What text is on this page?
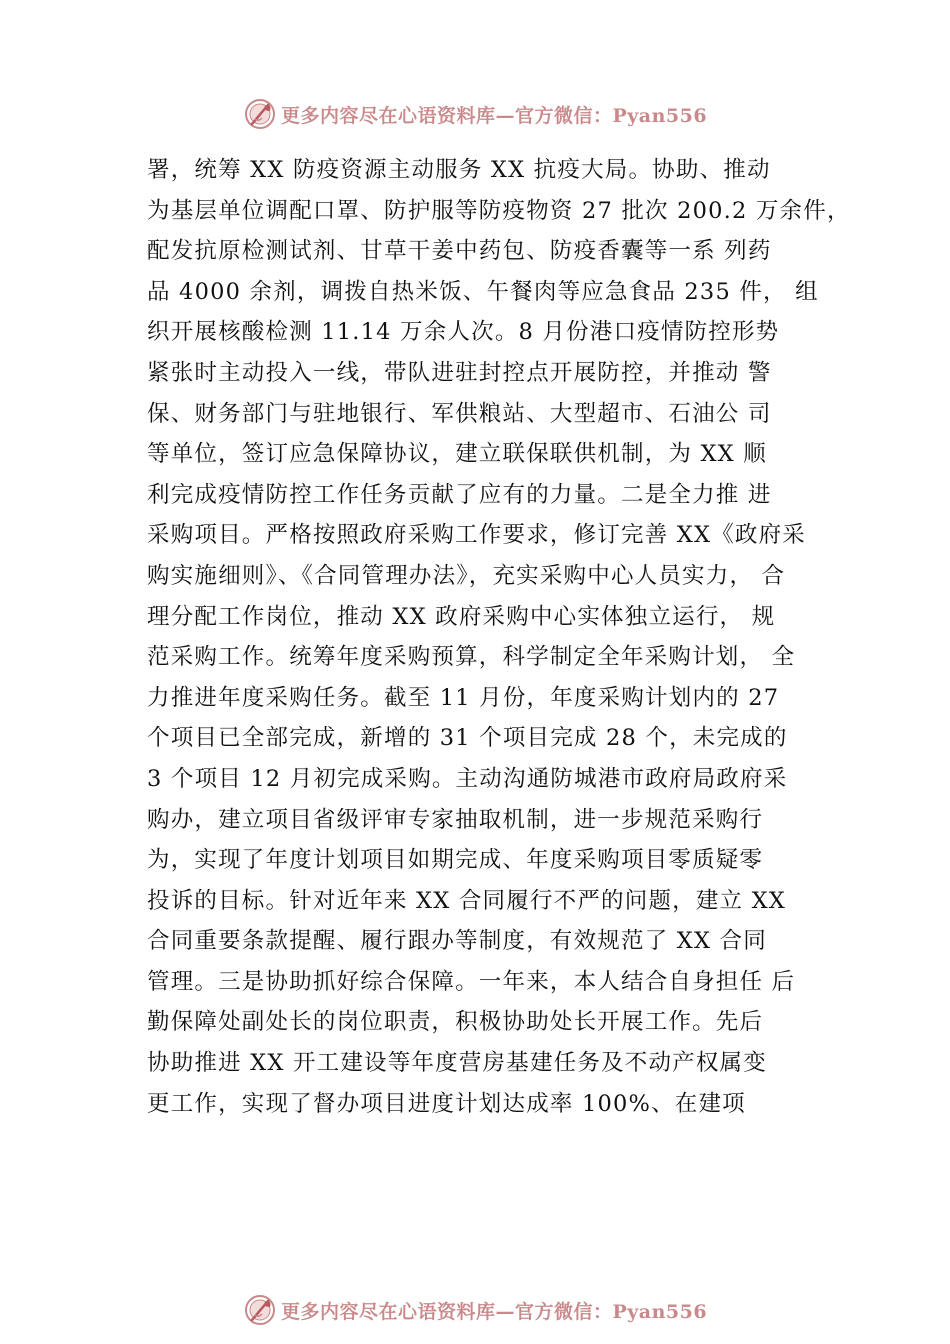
更多内容尽在心语资料库—官方微信：Pyan556
署，统筹 XX 防疫资源主动服务 XX 抗疫大局。协助、推动
为基层单位调配口罩、防护服等防疫物资 27 批次 200.2 万余件，
配发抗原检测试剂、甘草干姜中药包、防疫香囊等一系 列药
品 4000 余剂，调拨自热米饭、午餐肉等应急食品 235 件， 组
织开展核酸检测 11.14 万余人次。8 月份港口疫情防控形势
紧张时主动投入一线，带队进驻封控点开展防控，并推动 警
保、财务部门与驻地银行、军供粮站、大型超市、石油公 司
等单位，签订应急保障协议，建立联保联供机制，为 XX 顺
利完成疫情防控工作任务贡献了应有的力量。二是全力推 进
采购项目。严格按照政府采购工作要求，修订完善 XX《政府采
购实施细则》、《合同管理办法》，充实采购中心人员实力， 合
理分配工作岗位，推动 XX 政府采购中心实体独立运行， 规
范采购工作。统筹年度采购预算，科学制定全年采购计划， 全
力推进年度采购任务。截至 11 月份，年度采购计划内的 27
个项目已全部完成，新增的 31 个项目完成 28 个，未完成的
3 个项目 12 月初完成采购。主动沟通防城港市政府局政府采
购办，建立项目省级评审专家抽取机制，进一步规范采购行
为，实现了年度计划项目如期完成、年度采购项目零质疑零
投诉的目标。针对近年来 XX 合同履行不严的问题，建立 XX
合同重要条款提醒、履行跟办等制度，有效规范了 XX 合同
管理。三是协助抓好综合保障。一年来，本人结合自身担任 后
勤保障处副处长的岗位职责，积极协助处长开展工作。先后
协助推进 XX 开工建设等年度营房基建任务及不动产权属变
更工作，实现了督办项目进度计划达成率 100%、在建项
更多内容尽在心语资料库—官方微信：Pyan556
